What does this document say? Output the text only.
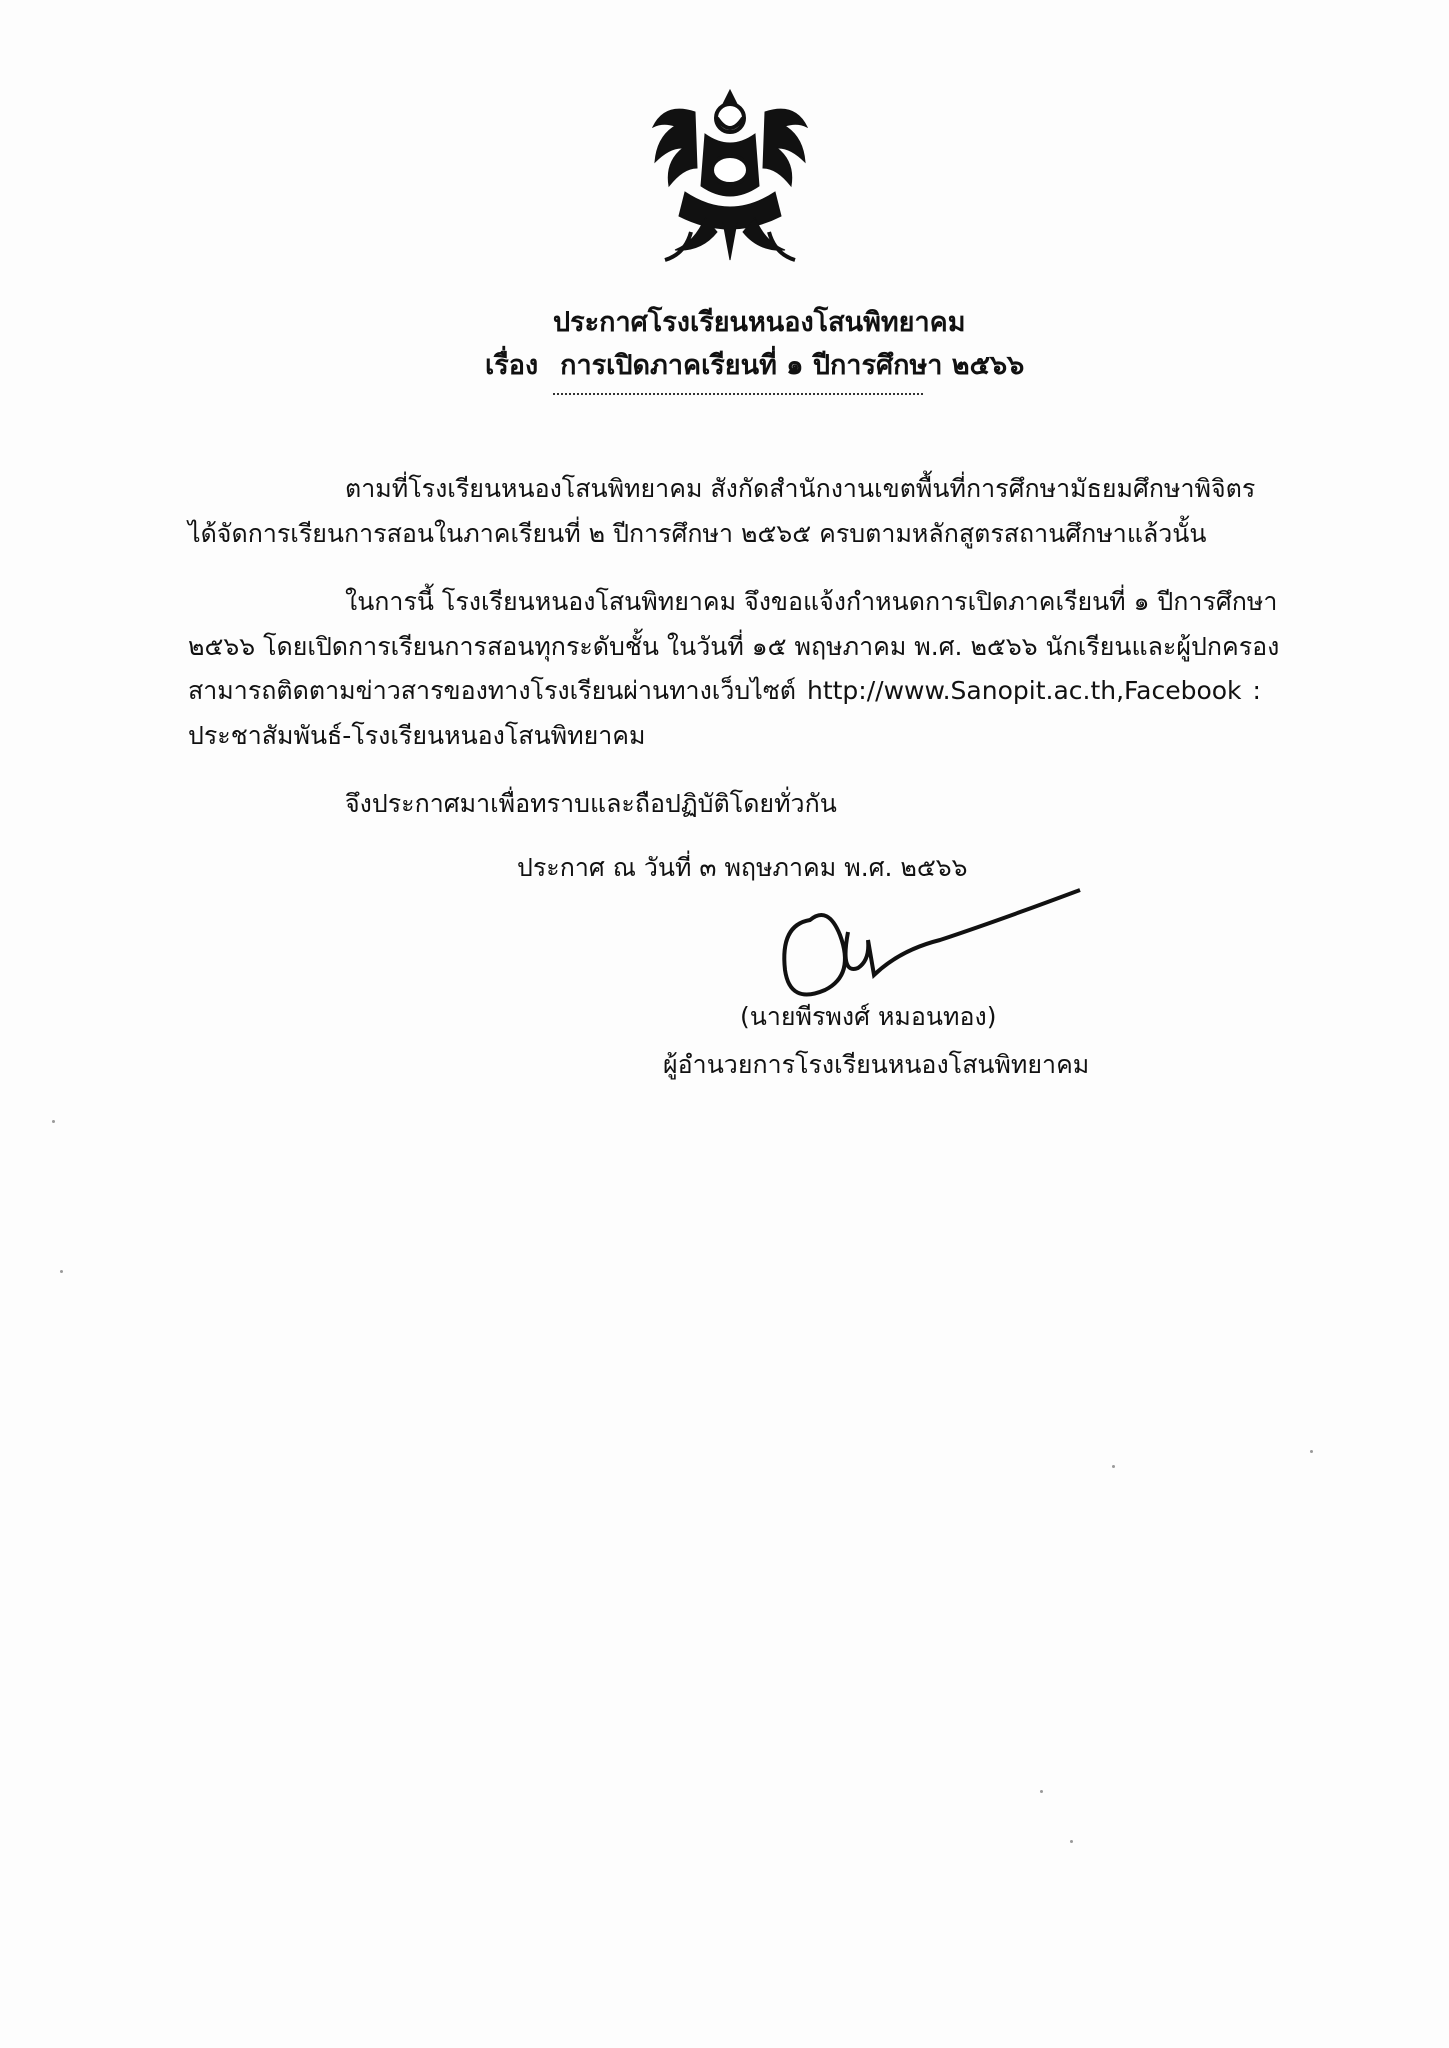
ประกาศโรงเรียนหนองโสนพิทยาคม
เรื่อง การเปิดภาคเรียนที่ ๑ ปีการศึกษา ๒๕๖๖
ตามที่โรงเรียนหนองโสนพิทยาคม สังกัดสำนักงานเขตพื้นที่การศึกษามัธยมศึกษาพิจิตร
ได้จัดการเรียนการสอนในภาคเรียนที่ ๒ ปีการศึกษา ๒๕๖๕ ครบตามหลักสูตรสถานศึกษาแล้วนั้น
ในการนี้ โรงเรียนหนองโสนพิทยาคม จึงขอแจ้งกำหนดการเปิดภาคเรียนที่ ๑ ปีการศึกษา
๒๕๖๖ โดยเปิดการเรียนการสอนทุกระดับชั้น ในวันที่ ๑๕ พฤษภาคม พ.ศ. ๒๕๖๖ นักเรียนและผู้ปกครอง
สามารถติดตามข่าวสารของทางโรงเรียนผ่านทางเว็บไซต์ http://www.Sanopit.ac.th,Facebook :
ประชาสัมพันธ์-โรงเรียนหนองโสนพิทยาคม
จึงประกาศมาเพื่อทราบและถือปฏิบัติโดยทั่วกัน
ประกาศ ณ วันที่ ๓ พฤษภาคม พ.ศ. ๒๕๖๖
(นายพีรพงศ์ หมอนทอง)
ผู้อำนวยการโรงเรียนหนองโสนพิทยาคม
